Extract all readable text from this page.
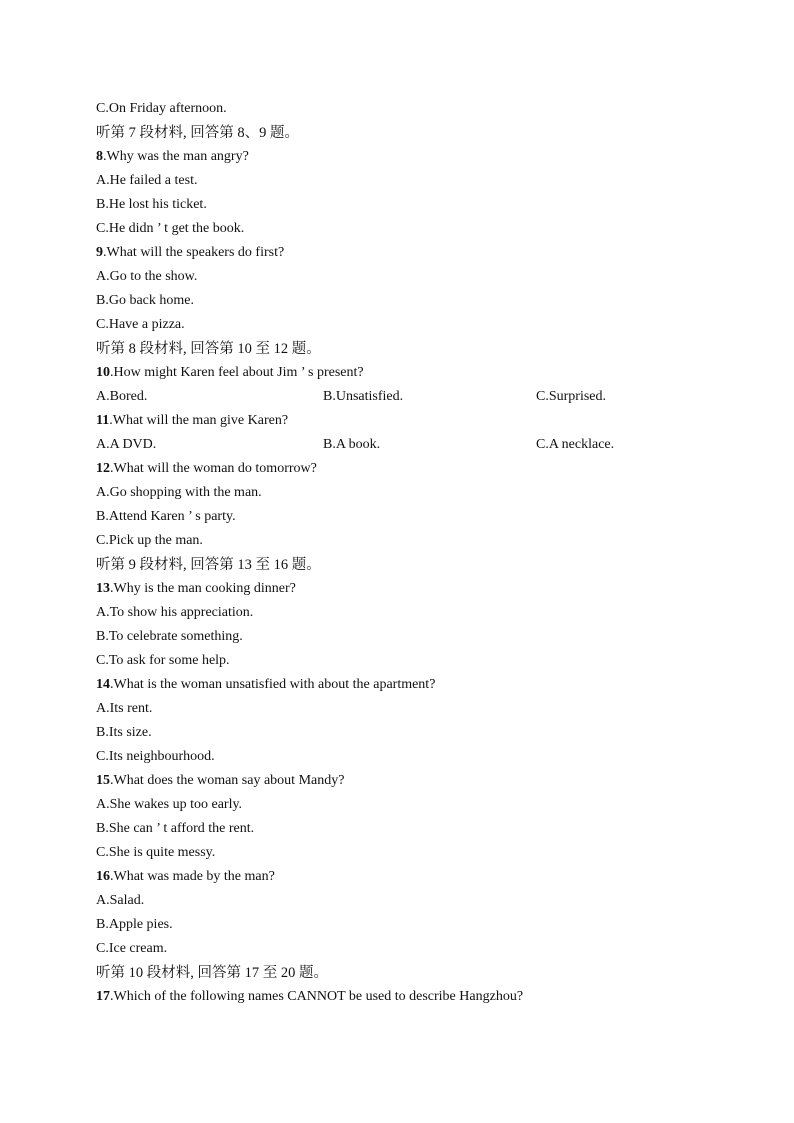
C.On Friday afternoon.
听第 7 段材料, 回答第 8、9 题。
8.Why was the man angry?
A.He failed a test.
B.He lost his ticket.
C.He didn ’ t get the book.
9.What will the speakers do first?
A.Go to the show.
B.Go back home.
C.Have a pizza.
听第 8 段材料, 回答第 10 至 12 题。
10.How might Karen feel about Jim ’ s present?
A.Bored.	B.Unsatisfied.	C.Surprised.
11.What will the man give Karen?
A.A DVD.	B.A book.	C.A necklace.
12.What will the woman do tomorrow?
A.Go shopping with the man.
B.Attend Karen ’ s party.
C.Pick up the man.
听第 9 段材料, 回答第 13 至 16 题。
13.Why is the man cooking dinner?
A.To show his appreciation.
B.To celebrate something.
C.To ask for some help.
14.What is the woman unsatisfied with about the apartment?
A.Its rent.
B.Its size.
C.Its neighbourhood.
15.What does the woman say about Mandy?
A.She wakes up too early.
B.She can ’ t afford the rent.
C.She is quite messy.
16.What was made by the man?
A.Salad.
B.Apple pies.
C.Ice cream.
听第 10 段材料, 回答第 17 至 20 题。
17.Which of the following names CANNOT be used to describe Hangzhou?
